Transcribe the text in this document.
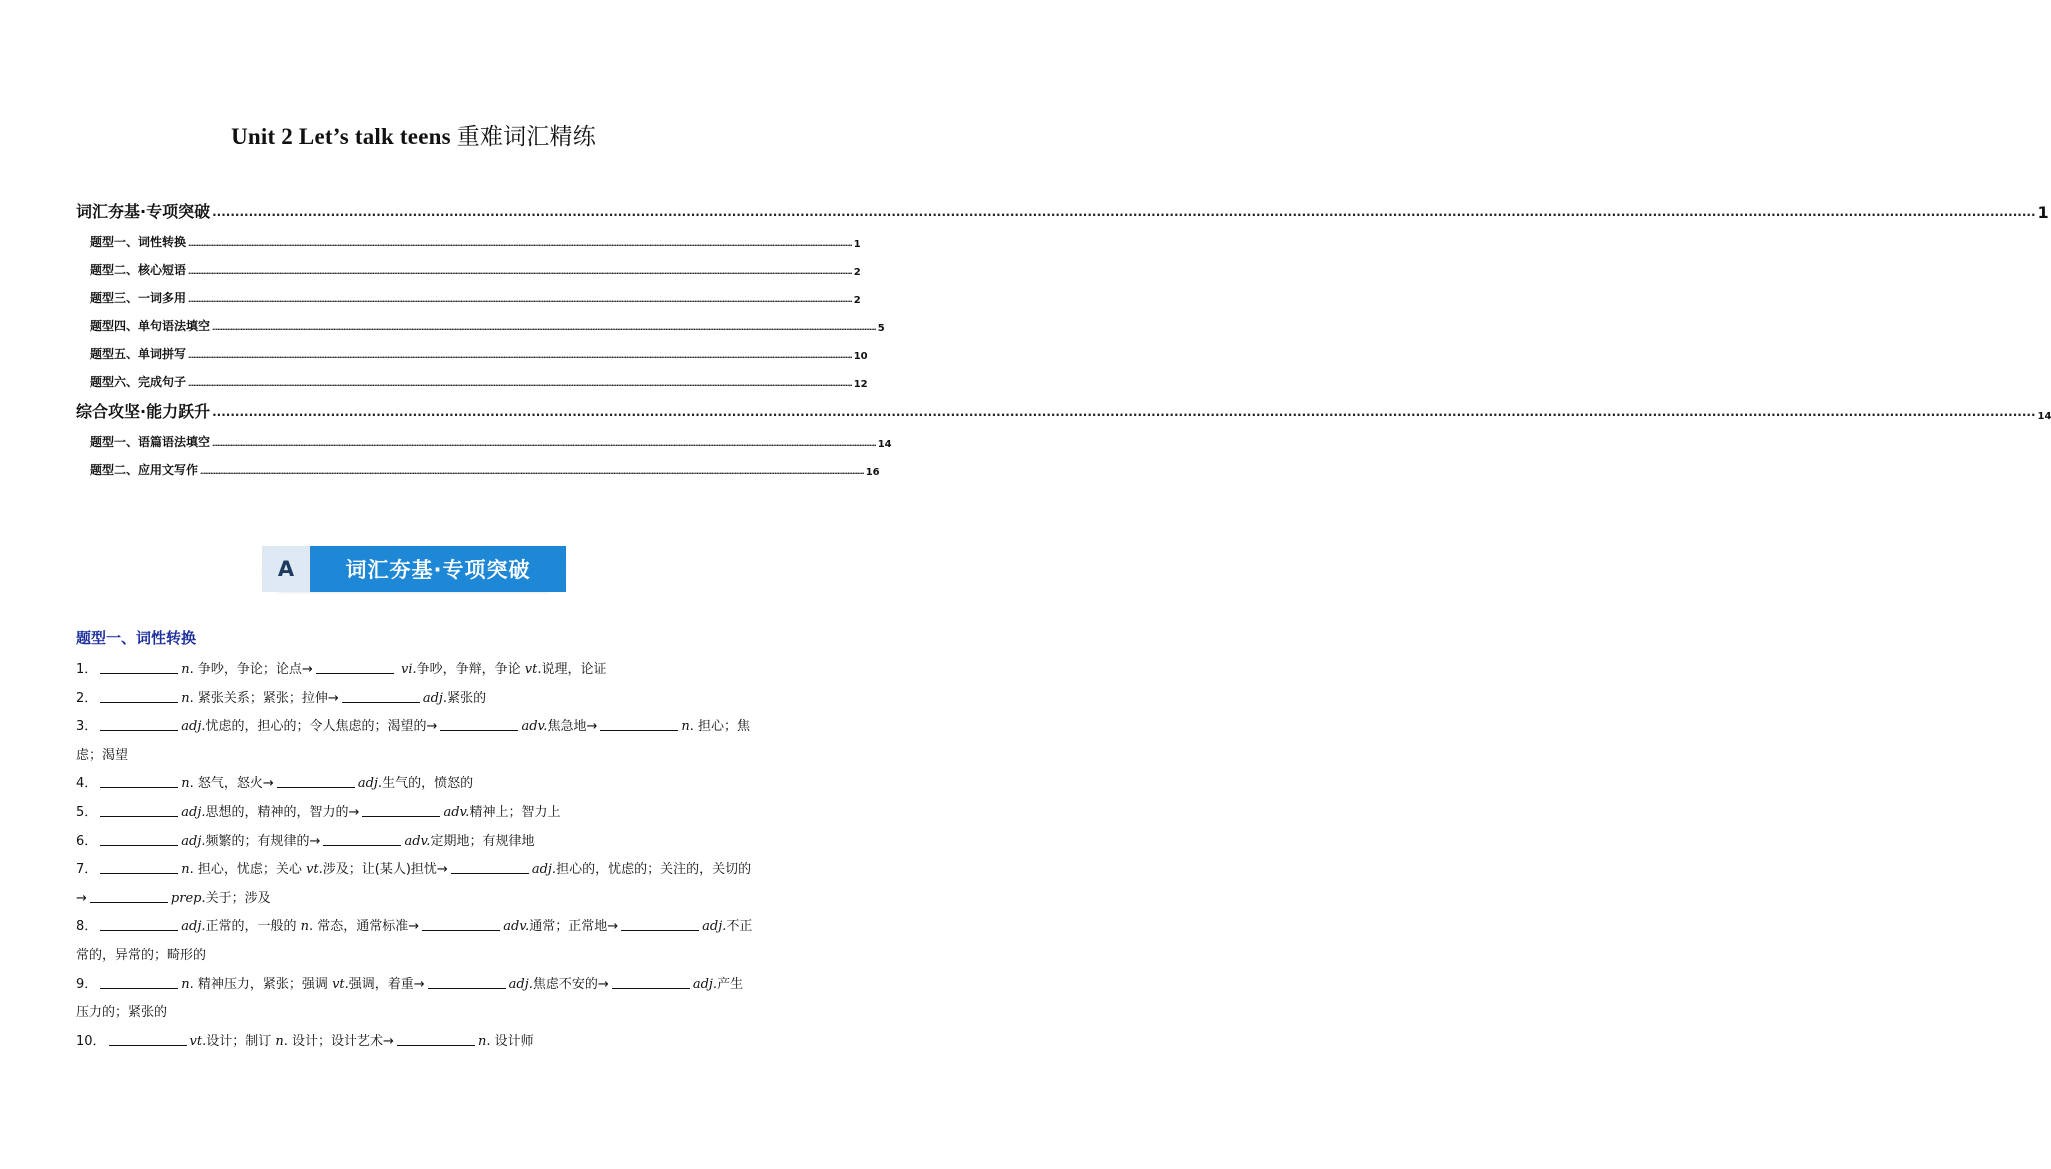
Unit 2 Let’s talk teens 重难词汇精练
词汇夯基·专项突破 ................................................................................................................................................................................................................................................................................................................................................................................................................ 1
题型一、词性转换 ................................................................................................................................................................................................................................................................................................................................................................................................................ 1
题型二、核心短语 ................................................................................................................................................................................................................................................................................................................................................................................................................ 2
题型三、一词多用 ................................................................................................................................................................................................................................................................................................................................................................................................................ 2
题型四、单句语法填空 ................................................................................................................................................................................................................................................................................................................................................................................................................ 5
题型五、单词拼写 ................................................................................................................................................................................................................................................................................................................................................................................................................ 10
题型六、完成句子 ................................................................................................................................................................................................................................................................................................................................................................................................................ 12
综合攻坚·能力跃升 ................................................................................................................................................................................................................................................................................................................................................................................................................ 14
题型一、语篇语法填空 ................................................................................................................................................................................................................................................................................................................................................................................................................ 14
题型二、应用文写作 ................................................................................................................................................................................................................................................................................................................................................................................................................ 16
A	词汇夯基·专项突破
题型一、词性转换
1．	n. 争吵，争论；论点→	vi.争吵，争辩，争论 vt.说理，论证
2．	n. 紧张关系；紧张；拉伸→	adj.紧张的
3．	adj.忧虑的，担心的；令人焦虑的；渴望的→	adv.焦急地→	n. 担心；焦虑；渴望
4．	n. 怒气，怒火→	adj.生气的，愤怒的
5．	adj.思想的，精神的，智力的→	adv.精神上；智力上
6．	adj.频繁的；有规律的→	adv.定期地；有规律地
7．	n. 担心，忧虑；关心 vt.涉及；让(某人)担忧→	adj.担心的，忧虑的；关注的，关切的→	prep.关于；涉及
8．	adj.正常的，一般的 n. 常态，通常标准→	adv.通常；正常地→	adj.不正常的，异常的；畸形的
9．	n. 精神压力，紧张；强调 vt.强调，着重→	adj.焦虑不安的→	adj.产生压力的；紧张的
10．	vt.设计；制订 n. 设计；设计艺术→	n. 设计师
